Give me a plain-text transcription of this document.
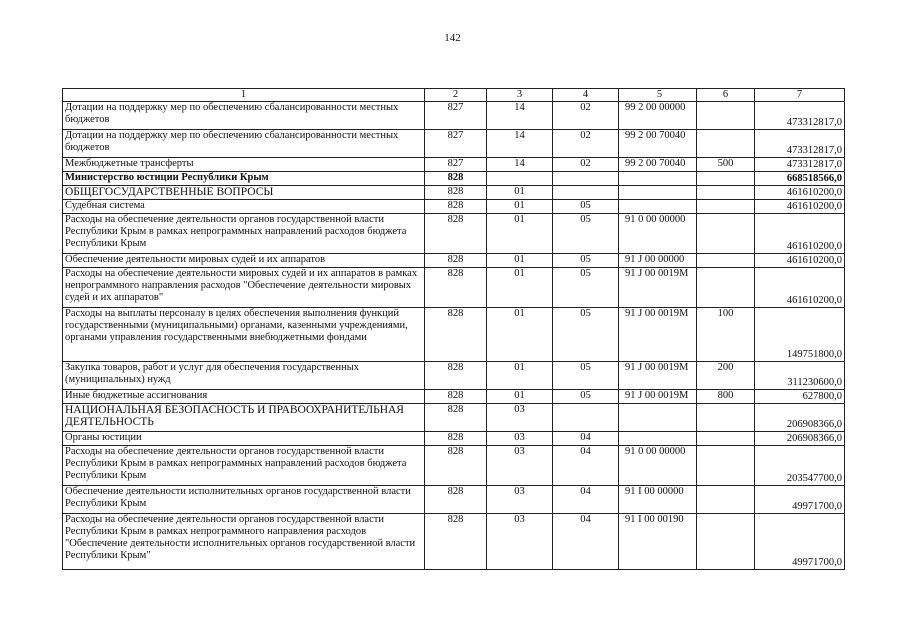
142
1	2	3	4	5	6	7
Дотации на поддержку мер по обеспечению сбалансированности местных бюджетов	827	14	02	99 2 00 00000		473312817,0
Дотации на поддержку мер по обеспечению сбалансированности местных бюджетов	827	14	02	99 2 00 70040		473312817,0
Межбюджетные трансферты	827	14	02	99 2 00 70040	500	473312817,0
Министерство юстиции Республики Крым	828					668518566,0
ОБЩЕГОСУДАРСТВЕННЫЕ ВОПРОСЫ	828	01				461610200,0
Судебная система	828	01	05			461610200,0
Расходы на обеспечение деятельности органов государственной власти Республики Крым в рамках непрограммных направлений расходов бюджета Республики Крым	828	01	05	91 0 00 00000		461610200,0
Обеспечение деятельности мировых судей и их аппаратов	828	01	05	91 J 00 00000		461610200,0
Расходы на обеспечение деятельности мировых судей и их аппаратов в рамках непрограммного направления расходов "Обеспечение деятельности мировых судей и их аппаратов"	828	01	05	91 J 00 0019М		461610200,0
Расходы на выплаты персоналу в целях обеспечения выполнения функций государственными (муниципальными) органами, казенными учреждениями, органами управления государственными внебюджетными фондами	828	01	05	91 J 00 0019М	100	149751800,0
Закупка товаров, работ и услуг для обеспечения государственных (муниципальных) нужд	828	01	05	91 J 00 0019М	200	311230600,0
Иные бюджетные ассигнования	828	01	05	91 J 00 0019М	800	627800,0
НАЦИОНАЛЬНАЯ БЕЗОПАСНОСТЬ И ПРАВООХРАНИТЕЛЬНАЯ ДЕЯТЕЛЬНОСТЬ	828	03				206908366,0
Органы юстиции	828	03	04			206908366,0
Расходы на обеспечение деятельности органов государственной власти Республики Крым в рамках непрограммных направлений расходов бюджета Республики Крым	828	03	04	91 0 00 00000		203547700,0
Обеспечение деятельности исполнительных органов государственной власти Республики Крым	828	03	04	91 I 00 00000		49971700,0
Расходы на обеспечение деятельности органов государственной власти Республики Крым в рамках непрограммного направления расходов "Обеспечение деятельности исполнительных органов государственной власти Республики Крым"	828	03	04	91 I 00 00190		49971700,0
